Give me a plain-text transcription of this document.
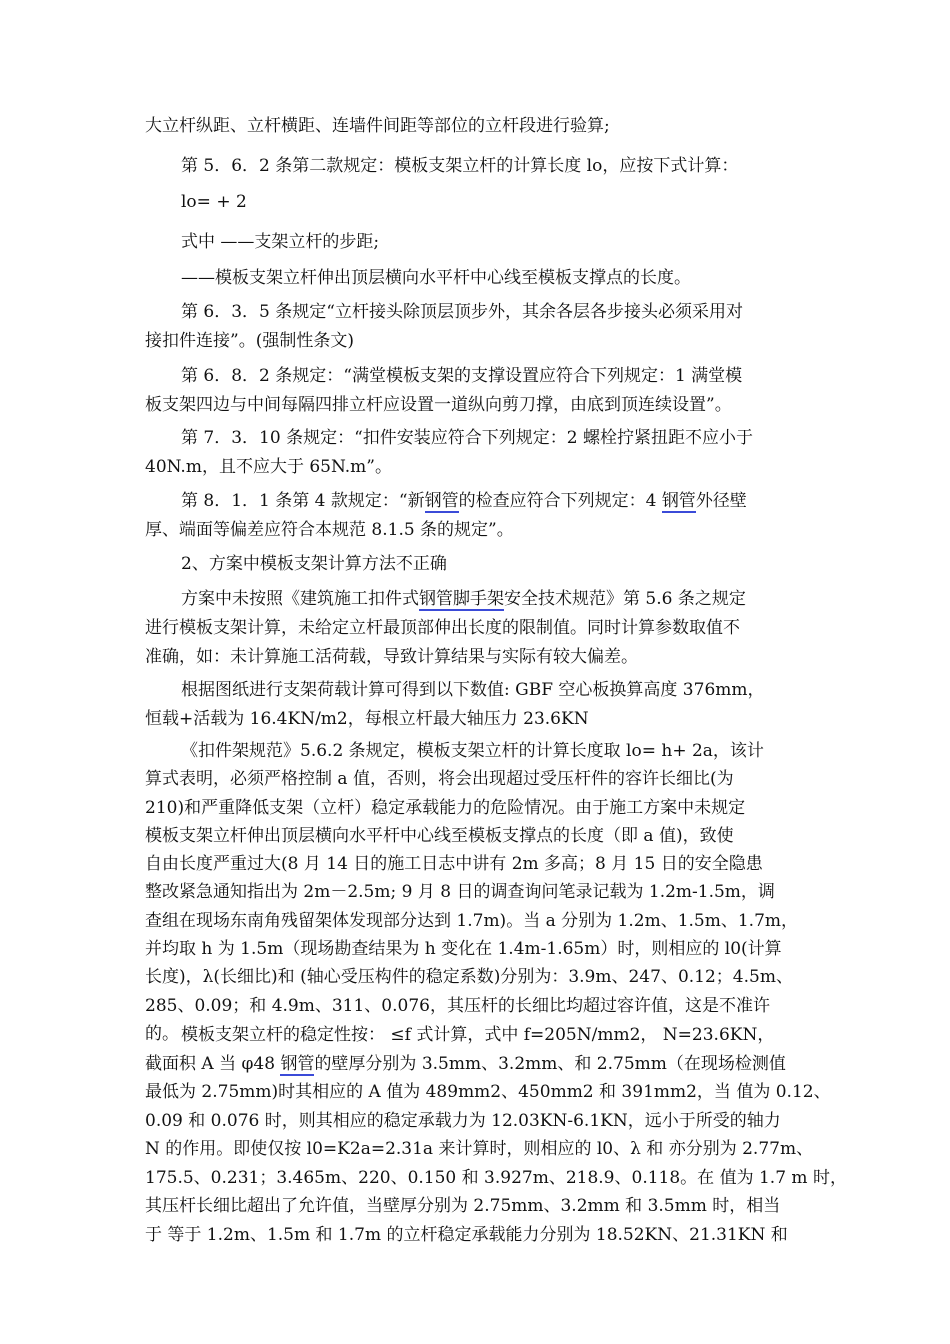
大立杆纵距、立杆横距、连墙件间距等部位的立杆段进行验算;

第 5．6．2 条第二款规定：模板支架立杆的计算长度 lo，应按下式计算：

lo= + 2

式中 ——支架立杆的步距;

——模板支架立杆伸出顶层横向水平杆中心线至模板支撑点的长度。

第 6．3．5 条规定“立杆接头除顶层顶步外，其余各层各步接头必须采用对
接扣件连接”。(强制性条文)

第 6．8．2 条规定：“满堂模板支架的支撑设置应符合下列规定：1 满堂模
板支架四边与中间每隔四排立杆应设置一道纵向剪刀撑，由底到顶连续设置”。

第 7．3．10 条规定：“扣件安装应符合下列规定：2 螺栓拧紧扭距不应小于
40N.m，且不应大于 65N.m”。

第 8．1．1 条第 4 款规定：“新钢管的检查应符合下列规定：4 钢管外径壁
厚、端面等偏差应符合本规范 8.1.5 条的规定”。

2、方案中模板支架计算方法不正确

方案中未按照《建筑施工扣件式钢管脚手架安全技术规范》第 5.6 条之规定
进行模板支架计算，未给定立杆最顶部伸出长度的限制值。同时计算参数取值不
准确，如：未计算施工活荷载，导致计算结果与实际有较大偏差。

根据图纸进行支架荷载计算可得到以下数值: GBF 空心板换算高度 376mm，
恒载+活载为 16.4KN/m2，每根立杆最大轴压力 23.6KN

《扣件架规范》5.6.2 条规定，模板支架立杆的计算长度取 lo= h+ 2a，该计
算式表明，必须严格控制 a 值，否则，将会出现超过受压杆件的容许长细比(为
210)和严重降低支架（立杆）稳定承载能力的危险情况。由于施工方案中未规定
模板支架立杆伸出顶层横向水平杆中心线至模板支撑点的长度（即 a 值)，致使
自由长度严重过大(8 月 14 日的施工日志中讲有 2m 多高；8 月 15 日的安全隐患
整改紧急通知指出为 2m－2.5m; 9 月 8 日的调查询问笔录记载为 1.2m-1.5m，调
查组在现场东南角残留架体发现部分达到 1.7m)。当 a 分别为 1.2m、1.5m、1.7m，
并均取 h 为 1.5m（现场勘查结果为 h 变化在 1.4m-1.65m）时，则相应的 l0(计算
长度)，λ(长细比)和 (轴心受压构件的稳定系数)分别为：3.9m、247、0.12；4.5m、
285、0.09；和 4.9m、311、0.076，其压杆的长细比均超过容许值，这是不准许
的。 模板支架立杆的稳定性按： ≤f 式计算，式中 f=205N/mm2， N=23.6KN，
截面积 A 当 φ48 钢管的壁厚分别为 3.5mm、3.2mm、和 2.75mm（在现场检测值
最低为 2.75mm)时其相应的 A 值为 489mm2、450mm2 和 391mm2，当 值为 0.12、
0.09 和 0.076 时，则其相应的稳定承载力为 12.03KN-6.1KN，远小于所受的轴力
N 的作用。即使仅按 l0=K2a=2.31a 来计算时，则相应的 l0、λ 和 亦分别为 2.77m、
175.5、0.231；3.465m、220、0.150 和 3.927m、218.9、0.118。在 值为 1.7 m 时，
其压杆长细比超出了允许值，当壁厚分别为 2.75mm、3.2mm 和 3.5mm 时，相当
于 等于 1.2m、1.5m 和 1.7m 的立杆稳定承载能力分别为 18.52KN、21.31KN 和
